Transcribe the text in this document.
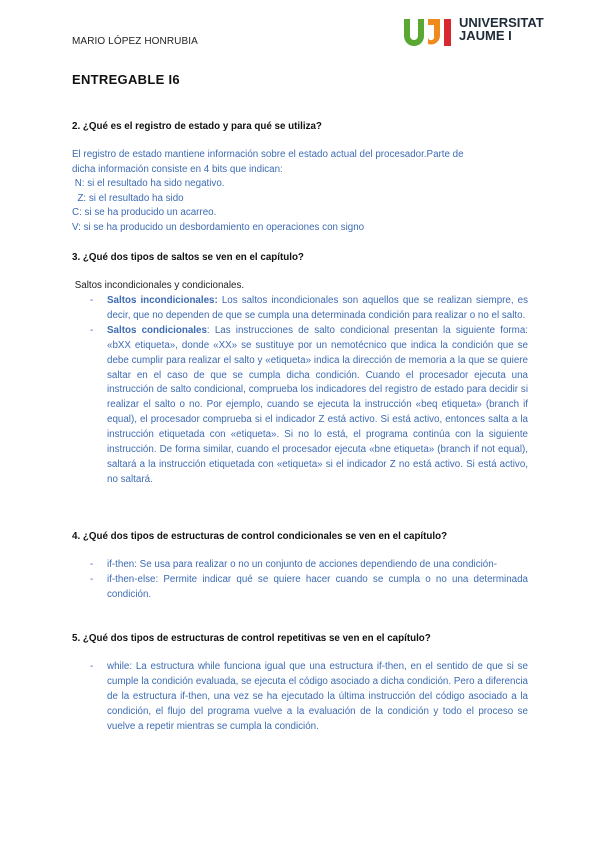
MARIO LÓPEZ HONRUBIA
UNIVERSITAT
JAUME I
ENTREGABLE I6
2. ¿Qué es el registro de estado y para qué se utiliza?
El registro de estado mantiene información sobre el estado actual del procesador.Parte de
dicha información consiste en 4 bits que indican:
N: si el resultado ha sido negativo.
Z: si el resultado ha sido
C: si se ha producido un acarreo.
V: si se ha producido un desbordamiento en operaciones con signo
3. ¿Qué dos tipos de saltos se ven en el capítulo?
Saltos incondicionales y condicionales.
- Saltos incondicionales: Los saltos incondicionales son aquellos que se realizan siempre, es decir, que no dependen de que se cumpla una determinada condición para realizar o no el salto.
- Saltos condicionales: Las instrucciones de salto condicional presentan la siguiente forma: «bXX etiqueta», donde «XX» se sustituye por un nemotécnico que indica la condición que se debe cumplir para realizar el salto y «etiqueta» indica la dirección de memoria a la que se quiere saltar en el caso de que se cumpla dicha condición. Cuando el procesador ejecuta una instrucción de salto condicional, comprueba los indicadores del registro de estado para decidir si realizar el salto o no. Por ejemplo, cuando se ejecuta la instrucción «beq etiqueta» (branch if equal), el procesador comprueba si el indicador Z está activo. Si está activo, entonces salta a la instrucción etiquetada con «etiqueta». Si no lo está, el programa continúa con la siguiente instrucción. De forma similar, cuando el procesador ejecuta «bne etiqueta» (branch if not equal), saltará a la instrucción etiquetada con «etiqueta» si el indicador Z no está activo. Si está activo, no saltará.
4. ¿Qué dos tipos de estructuras de control condicionales se ven en el capítulo?
- if-then: Se usa para realizar o no un conjunto de acciones dependiendo de una condición-
- if-then-else: Permite indicar qué se quiere hacer cuando se cumpla o no una determinada condición.
5. ¿Qué dos tipos de estructuras de control repetitivas se ven en el capítulo?
- while: La estructura while funciona igual que una estructura if-then, en el sentido de que si se cumple la condición evaluada, se ejecuta el código asociado a dicha condición. Pero a diferencia de la estructura if-then, una vez se ha ejecutado la última instrucción del código asociado a la condición, el flujo del programa vuelve a la evaluación de la condición y todo el proceso se vuelve a repetir mientras se cumpla la condición.
